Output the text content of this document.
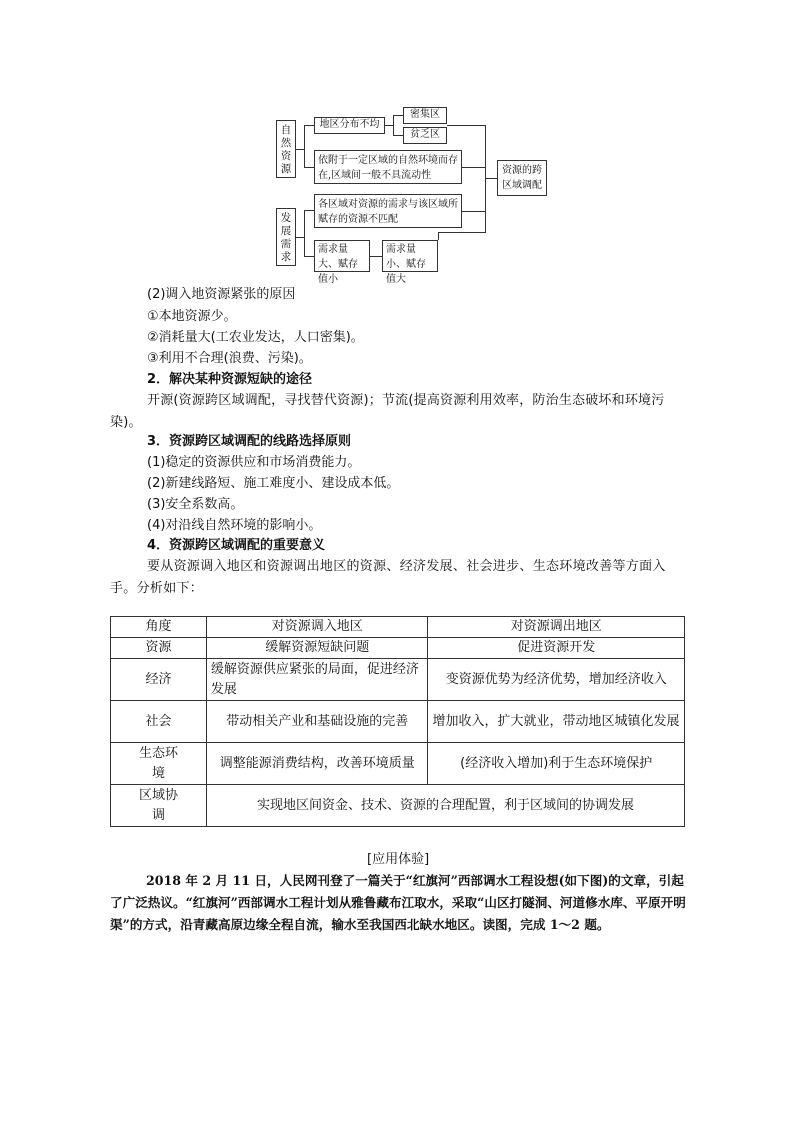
自然资源
发展需求
地区分布不均
密集区
贫乏区
依附于一定区域的自然环境而存在,区域间一般不具流动性
各区域对资源的需求与该区域所赋存的资源不匹配
需求量大、赋存值小
需求量小、赋存值大
资源的跨区域调配
(2)调入地资源紧张的原因
①本地资源少。
②消耗量大(工农业发达，人口密集)。
③利用不合理(浪费、污染)。
2．解决某种资源短缺的途径
开源(资源跨区域调配，寻找替代资源)；节流(提高资源利用效率，防治生态破坏和环境污染)。
3．资源跨区域调配的线路选择原则
(1)稳定的资源供应和市场消费能力。
(2)新建线路短、施工难度小、建设成本低。
(3)安全系数高。
(4)对沿线自然环境的影响小。
4．资源跨区域调配的重要意义
要从资源调入地区和资源调出地区的资源、经济发展、社会进步、生态环境改善等方面入手。分析如下：
角度	对资源调入地区	对资源调出地区
资源	缓解资源短缺问题	促进资源开发
经济	缓解资源供应紧张的局面，促进经济发展	变资源优势为经济优势，增加经济收入
社会	带动相关产业和基础设施的完善	增加收入，扩大就业，带动地区城镇化发展
生态环境	调整能源消费结构，改善环境质量	(经济收入增加)利于生态环境保护
区域协调	实现地区间资金、技术、资源的合理配置，利于区域间的协调发展	
[应用体验]
2018 年 2 月 11 日，人民网刊登了一篇关于“红旗河”西部调水工程设想(如下图)的文章，引起了广泛热议。“红旗河”西部调水工程计划从雅鲁藏布江取水，采取“山区打隧洞、河道修水库、平原开明渠”的方式，沿青藏高原边缘全程自流，输水至我国西北缺水地区。读图，完成 1～2 题。
